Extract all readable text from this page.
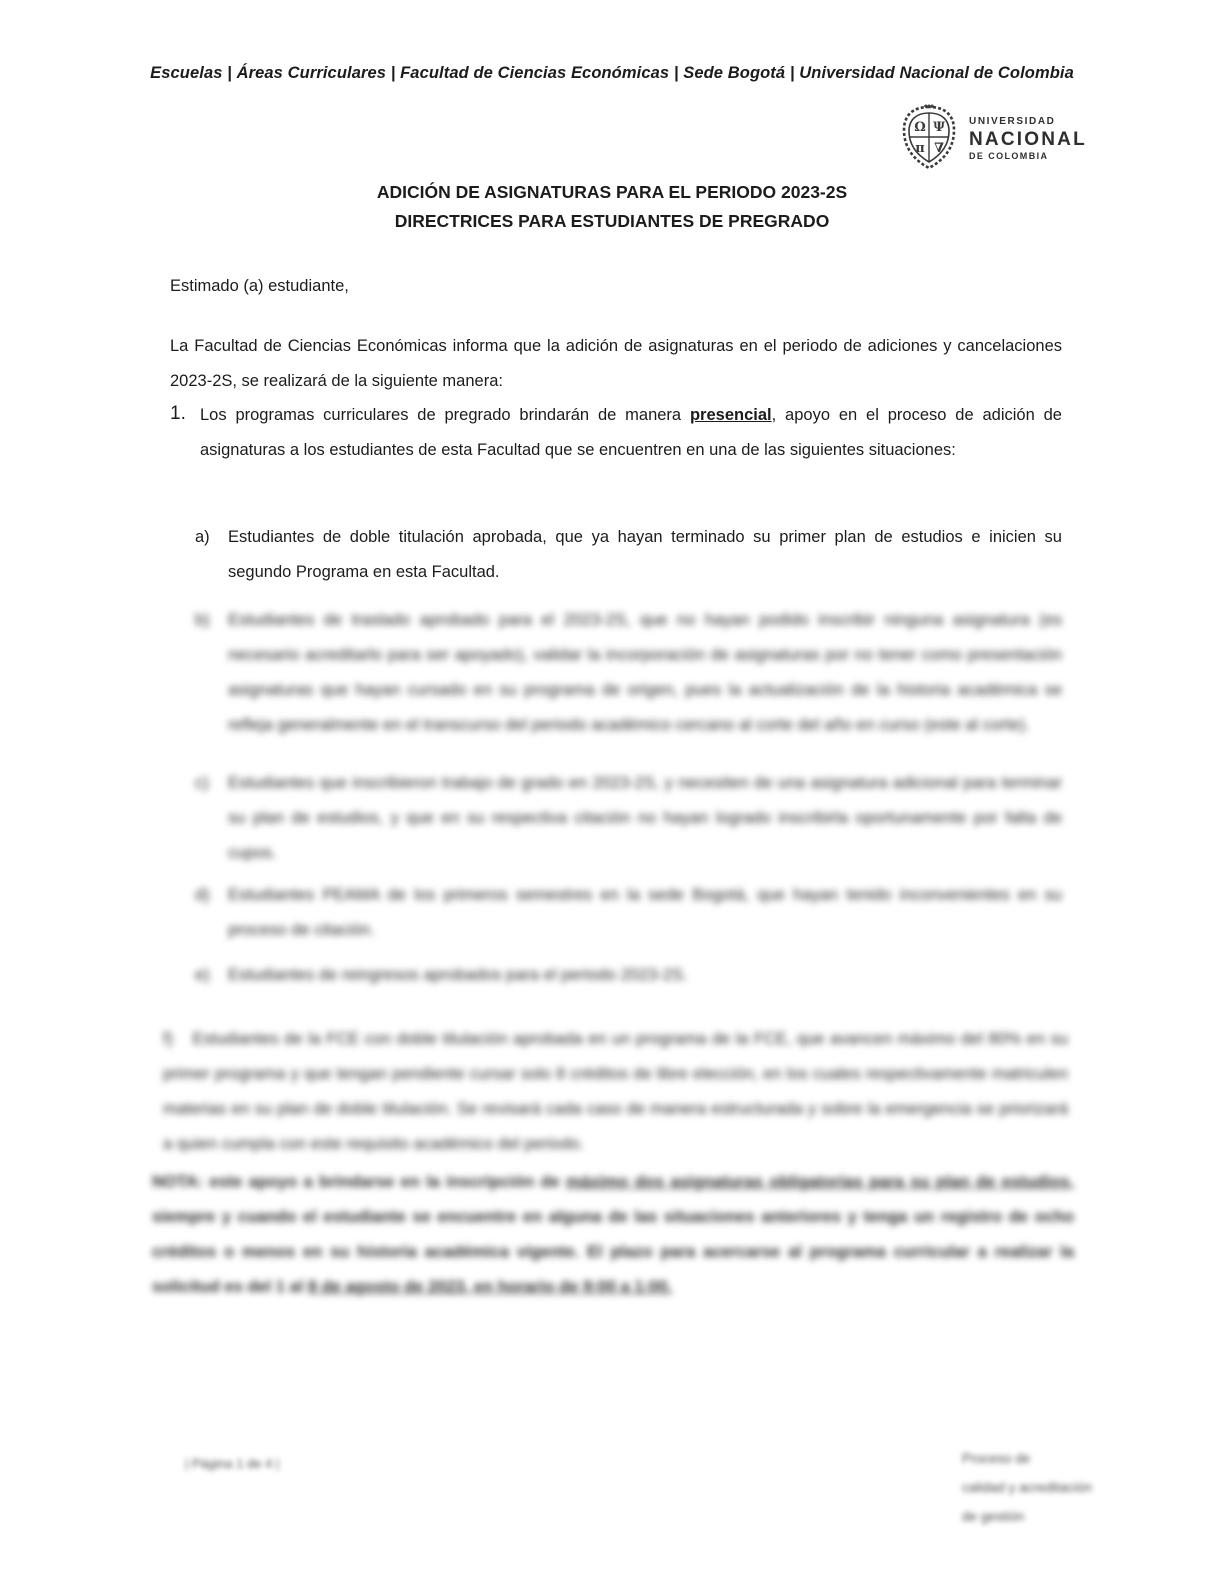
Escuelas | Áreas Curriculares | Facultad de Ciencias Económicas | Sede Bogotá | Universidad Nacional de Colombia
Ω Ψ
π ∇
UNIVERSIDAD
NACIONAL
DE COLOMBIA
ADICIÓN DE ASIGNATURAS PARA EL PERIODO 2023-2S
DIRECTRICES PARA ESTUDIANTES DE PREGRADO

Estimado (a) estudiante,

La Facultad de Ciencias Económicas informa que la adición de asignaturas en el periodo de adiciones y cancelaciones 2023-2S, se realizará de la siguiente manera:

1. Los programas curriculares de pregrado brindarán de manera presencial, apoyo en el proceso de adición de asignaturas a los estudiantes de esta Facultad que se encuentren en una de las siguientes situaciones:
a)	Estudiantes de doble titulación aprobada, que ya hayan terminado su primer plan de estudios e inicien su segundo Programa en esta Facultad.
b)	Estudiantes de traslado aprobado para el 2023-2S, que no hayan podido inscribir ninguna asignatura (es necesario acreditarlo para ser apoyado), validar la incorporación de asignaturas por no tener como presentación asignaturas que hayan cursado en su programa de origen, pues la actualización de la historia académica se refleja generalmente en el transcurso del periodo académico cercano al corte del año en curso (este al corte).
c)	Estudiantes que inscribieron trabajo de grado en 2023-2S, y necesiten de una asignatura adicional para terminar su plan de estudios, y que en su respectiva citación no hayan logrado inscribirla oportunamente por falta de cupos.
d)	Estudiantes PEAMA de los primeros semestres en la sede Bogotá, que hayan tenido inconvenientes en su proceso de citación.
e)	Estudiantes de reingresos aprobados para el periodo 2023-2S.
f) Estudiantes de la FCE con doble titulación aprobada en un programa de la FCE, que avancen máximo del 80% en su primer programa y que tengan pendiente cursar solo 8 créditos de libre elección, en los cuales respectivamente matriculen materias en su plan de doble titulación. Se revisará cada caso de manera estructurada y sobre la emergencia se priorizará a quien cumpla con este requisito académico del periodo.

NOTA: este apoyo a brindarse en la inscripción de máximo dos asignaturas obligatorias para su plan de estudios, siempre y cuando el estudiante se encuentre en alguna de las situaciones anteriores y tenga un registro de ocho créditos o menos en su historia académica vigente. El plazo para acercarse al programa curricular a realizar la solicitud es del 1 al 8 de agosto de 2023, en horario de 9:00 a 1:00.

| Página 1 de 4 |	Proceso de
calidad y acreditación
de gestión
